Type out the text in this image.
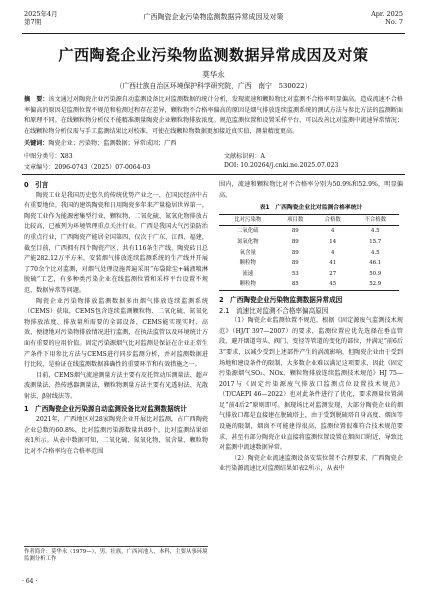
2025年4月
第7期
广西陶瓷企业污染物监测数据异常成因及对策	Apr. 2025
No. 7
广西陶瓷企业污染物监测数据异常成因及对策
莫华永
（广西壮族自治区环境保护科学研究院，广西　南宁　530022）
摘　要：该文通过对陶瓷企业污染源自动监测设备比对监测数据的统计分析，发现流速和颗粒物比对监测不合格率明显偏高。造成流速不合格率偏高的原因是监测位置不规范和检测过程存在差异，颗粒物不合格率偏高的原因是烟气排放连续监测系统的测试方法与参比方法的监测断面和原理不同。在线颗粒物分析仪不能精准测量陶瓷企业颗粒物排放浓度。规范监测位置和设置采样平台，可以改善比对监测中流速异常情况；在线颗粒物分析仪需与手工监测结果比对校准，可使在线颗粒物数据更加接近真实值，测量精度更高。
关键词：陶瓷企业；污染物；监测数据；异常成因；广西
中图分类号：X83	文献标识码：A
文章编号：2096-0743（2025）07-0064-03	DOI: 10.20264/j.cnki.ne.2025.07.023
0　引言
陶瓷工业是我国历史悠久的传统优势产业之一，在国民经济中占有重要地位。我国的建筑陶瓷和日用陶瓷多年来产量稳居世界第一，陶瓷工业作为能源密集型行业，颗粒物、二氧化硫、氮氧化物排放占比较高，已被列为环境管理重点关注行业。广西是我国大气污染防治的重点行业，广西陶瓷产能居全国第四，仅次于广东、江西、福建，截至目前，广西拥有四个陶瓷产区，共有116条生产线，陶瓷砖日总产能282.12万平方米，安装烟气排放连续监测系统的生产线并开展了70余个比对监测，对烟气处理设施普遍采用“布袋除尘+碱液喷淋脱硫”工艺，有多种类污染企业在线监测位置和采样平台设置不规范、数据异常等问题。
陶瓷企业污染物排放监测数据多由烟气排放连续监测系统（CEMS）获取，CEMS包含连续监测颗粒物、二氧化硫、氮氧化物排放浓度、排放量所需要的全部设备，CEMS能实现实时、高效、便捷地对污染物排放情况进行监测，在执法监管以及环境统计方面有重要的应用价值。固定污染源烟气比对监测是保证在企业正常生产条件下用参比方法与CEMS进行同步监测分析，并对监测数据进行比较，是验证在线监测数据准确性的重要环节和有效措施之一。
目前，CEMS烟气流速测量方法主要有皮托管动压测量法、超声波测量法、热传感器测量法，颗粒物测量方法主要有光透射法、光散射法、β射线法等。
1　广西陶瓷企业污染源自动监测设备比对监测数据统计
2021年，广西地区对28家陶瓷企业开展比对监测，占广西陶瓷企业总数的60.8%，比对监测污染源数量共89个，比对监测结果如表1所示。从表中数据可知，二氧化硫、氮氧化物、氧含量、颗粒物比对不合格率均在合格率范围
围内，流速和颗粒物比对不合格率分别为50.9%和52.9%，明显偏高。
表1　广西陶瓷企业比对监测合格率统计
比对污染物	项目数	合格数	不合格数
二氧化硫	89	4	4.5
氮氧化物	89	14	15.7
氧含量	89	4	4.5
颗粒物	89	41	46.1
流速	53	27	50.9
颗粒物	85	45	52.9
2　广西陶瓷企业污染物监测数据异常成因
2.1　流速比对监测不合格率偏高原因
（1）陶瓷企业监测位置不规范，根据《固定源废气监测技术规范》（HJ/T 397—2007）的要求，监测位置应优先选择在垂直管段，避开烟道弯头、阀门、变径等管道的变化的部位，并满足“前6后3”要求，以减少受到上述部件产生的涡流影响，但陶瓷企业由于受到场地和建设条件的限制，大多数企业难以满足这项要求，因此《固定污染源烟气SO₂、NOx、颗粒物排放连续监测技术规范》HJ 75—2017与《固定污染源废气排放口监测点位设置技术规范》（T/CAEPI 46—2022）也对此条件进行了优化，要求测量位置满足“前4后2”原则即可。据现场比对监测发现，大部分陶瓷企业的烟气排放口都是直接建在脱硫塔上，由于受到脱硫塔自身高度、烟囱等设施的限制，烟囱不可能建得很高，监测位置很难符合技术规范要求，甚至有部分陶瓷企业直接将监测位置设置在烟囱口附近，导致比对监测中流速数据异常。
（2）陶瓷企业流速监测设备安装位置不合理要求，广西陶瓷企业污染源流速比对监测结果如表2所示，从表中
作者简介：莫华永（1979—），男，壮族，广西河池人，本科，主要从事环境监测分析工作
· 64 ·
